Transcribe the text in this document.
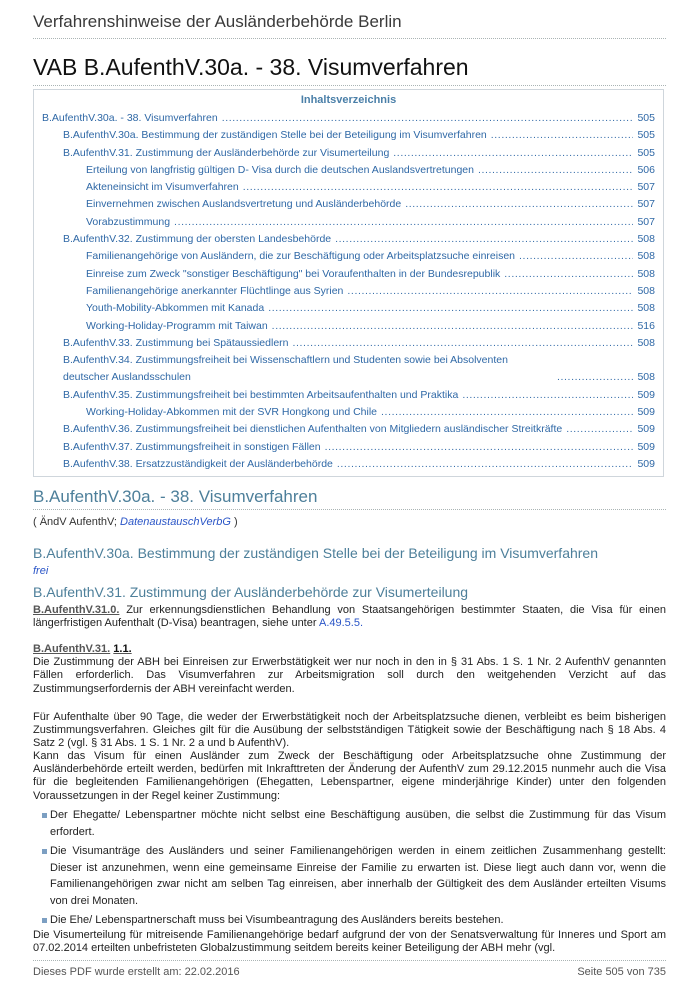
Verfahrenshinweise der Ausländerbehörde Berlin
VAB B.AufenthV.30a. - 38. Visumverfahren
Inhaltsverzeichnis
B.AufenthV.30a. - 38. Visumverfahren .....	505
B.AufenthV.30a. Bestimmung der zuständigen Stelle bei der Beteiligung im Visumverfahren .....	505
B.AufenthV.31. Zustimmung der Ausländerbehörde zur Visumerteilung .....	505
Erteilung von langfristig gültigen D- Visa durch die deutschen Auslandsvertretungen .....	506
Akteneinsicht im Visumverfahren .....	507
Einvernehmen zwischen Auslandsvertretung und Ausländerbehörde .....	507
Vorabzustimmung .....	507
B.AufenthV.32. Zustimmung der obersten Landesbehörde .....	508
Familienangehörige von Ausländern, die zur Beschäftigung oder Arbeitsplatzsuche einreisen .....	508
Einreise zum Zweck "sonstiger Beschäftigung" bei Voraufenthalten in der Bundesrepublik .....	508
Familienangehörige anerkannter Flüchtlinge aus Syrien .....	508
Youth-Mobility-Abkommen mit Kanada .....	508
Working-Holiday-Programm mit Taiwan .....	516
B.AufenthV.33. Zustimmung bei Spätaussiedlern .....	508
B.AufenthV.34. Zustimmungsfreiheit bei Wissenschaftlern und Studenten sowie bei Absolventen deutscher Auslandsschulen .....	508
B.AufenthV.35. Zustimmungsfreiheit bei bestimmten Arbeitsaufenthalten und Praktika .....	509
Working-Holiday-Abkommen mit der SVR Hongkong und Chile .....	509
B.AufenthV.36. Zustimmungsfreiheit bei dienstlichen Aufenthalten von Mitgliedern ausländischer Streitkräfte .....	509
B.AufenthV.37. Zustimmungsfreiheit in sonstigen Fällen .....	509
B.AufenthV.38. Ersatzzuständigkeit der Ausländerbehörde .....	509
B.AufenthV.30a. - 38. Visumverfahren
( ÄndV AufenthV; DatenaustauschVerbG )
B.AufenthV.30a. Bestimmung der zuständigen Stelle bei der Beteiligung im Visumverfahren
frei
B.AufenthV.31. Zustimmung der Ausländerbehörde zur Visumerteilung
B.AufenthV.31.0. Zur erkennungsdienstlichen Behandlung von Staatsangehörigen bestimmter Staaten, die Visa für einen längerfristigen Aufenthalt (D-Visa) beantragen, siehe unter A.49.5.5.
B.AufenthV.31. 1.1.
Die Zustimmung der ABH bei Einreisen zur Erwerbstätigkeit wer nur noch in den in § 31 Abs. 1 S. 1 Nr. 2 AufenthV genannten Fällen erforderlich. Das Visumverfahren zur Arbeitsmigration soll durch den weitgehenden Verzicht auf das Zustimmungserfordernis der ABH vereinfacht werden.
Für Aufenthalte über 90 Tage, die weder der Erwerbstätigkeit noch der Arbeitsplatzsuche dienen, verbleibt es beim bisherigen Zustimmungsverfahren. Gleiches gilt für die Ausübung der selbstständigen Tätigkeit sowie der Beschäftigung nach § 18 Abs. 4 Satz 2 (vgl. § 31 Abs. 1 S. 1 Nr. 2 a und b AufenthV).
Kann das Visum für einen Ausländer zum Zweck der Beschäftigung oder Arbeitsplatzsuche ohne Zustimmung der Ausländerbehörde erteilt werden, bedürfen mit Inkrafttreten der Änderung der AufenthV zum 29.12.2015 nunmehr auch die Visa für die begleitenden Familienangehörigen (Ehegatten, Lebenspartner, eigene minderjährige Kinder) unter den folgenden Voraussetzungen in der Regel keiner Zustimmung:
Der Ehegatte/ Lebenspartner möchte nicht selbst eine Beschäftigung ausüben, die selbst die Zustimmung für das Visum erfordert.
Die Visumanträge des Ausländers und seiner Familienangehörigen werden in einem zeitlichen Zusammenhang gestellt: Dieser ist anzunehmen, wenn eine gemeinsame Einreise der Familie zu erwarten ist. Diese liegt auch dann vor, wenn die Familienangehörigen zwar nicht am selben Tag einreisen, aber innerhalb der Gültigkeit des dem Ausländer erteilten Visums von drei Monaten.
Die Ehe/ Lebenspartnerschaft muss bei Visumbeantragung des Ausländers bereits bestehen.
Die Visumerteilung für mitreisende Familienangehörige bedarf aufgrund der von der Senatsverwaltung für Inneres und Sport am 07.02.2014 erteilten unbefristeten Globalzustimmung seitdem bereits keiner Beteiligung der ABH mehr (vgl.
Dieses PDF wurde erstellt am: 22.02.2016	Seite 505 von 735
